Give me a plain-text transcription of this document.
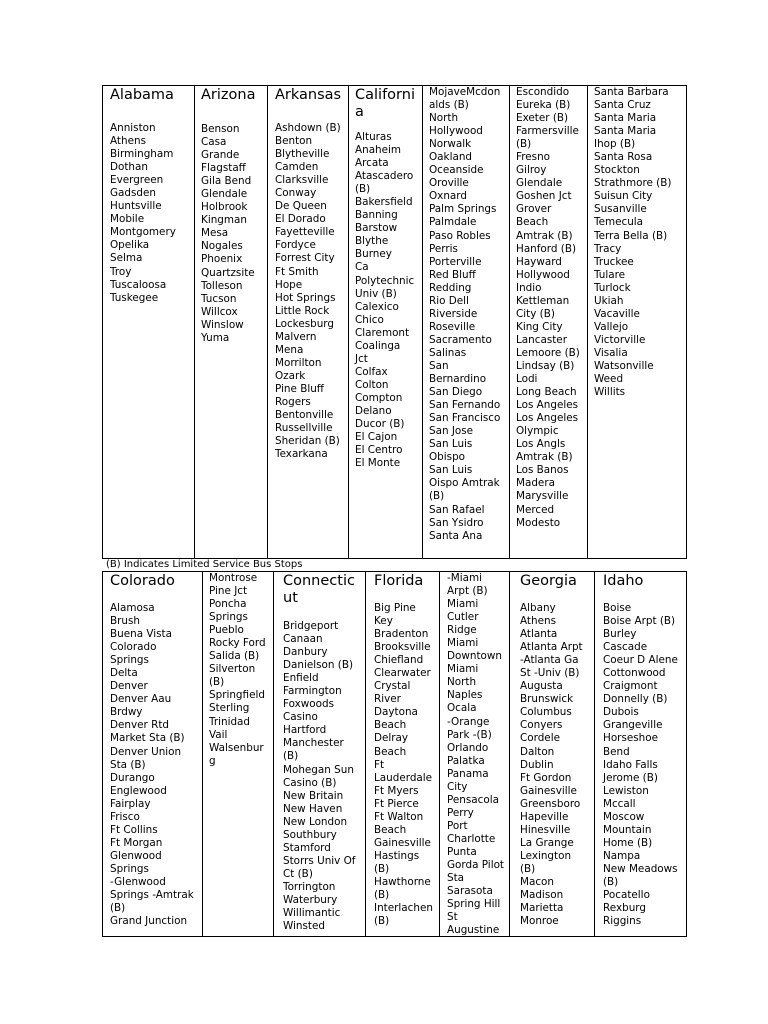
Alabama
Anniston
Athens
Birmingham
Dothan
Evergreen
Gadsden
Huntsville
Mobile
Montgomery
Opelika
Selma
Troy
Tuscaloosa
Tuskegee
Arizona
Benson
Casa
Grande
Flagstaff
Gila Bend
Glendale
Holbrook
Kingman
Mesa
Nogales
Phoenix
Quartzsite
Tolleson
Tucson
Willcox
Winslow
Yuma
Arkansas
Ashdown (B)
Benton
Blytheville
Camden
Clarksville
Conway
De Queen
El Dorado
Fayetteville
Fordyce
Forrest City
Ft Smith
Hope
Hot Springs
Little Rock
Lockesburg
Malvern
Mena
Morrilton
Ozark
Pine Bluff
Rogers
Bentonville
Russellville
Sheridan (B)
Texarkana
California
Alturas
Anaheim
Arcata
Atascadero
(B)
Bakersfield
Banning
Barstow
Blythe
Burney
Ca
Polytechnic
Univ (B)
Calexico
Chico
Claremont
Coalinga
Jct
Colfax
Colton
Compton
Delano
Ducor (B)
El Cajon
El Centro
El Monte
MojaveMcdon
alds (B)
North
Hollywood
Norwalk
Oakland
Oceanside
Oroville
Oxnard
Palm Springs
Palmdale
Paso Robles
Perris
Porterville
Red Bluff
Redding
Rio Dell
Riverside
Roseville
Sacramento
Salinas
San
Bernardino
San Diego
San Fernando
San Francisco
San Jose
San Luis
Obispo
San Luis
Oispo Amtrak
(B)
San Rafael
San Ysidro
Santa Ana
Escondido
Eureka (B)
Exeter (B)
Farmersville
(B)
Fresno
Gilroy
Glendale
Goshen Jct
Grover
Beach
Amtrak (B)
Hanford (B)
Hayward
Hollywood
Indio
Kettleman
City (B)
King City
Lancaster
Lemoore (B)
Lindsay (B)
Lodi
Long Beach
Los Angeles
Los Angeles
Olympic
Los Angls
Amtrak (B)
Los Banos
Madera
Marysville
Merced
Modesto
Santa Barbara
Santa Cruz
Santa Maria
Santa Maria
Ihop (B)
Santa Rosa
Stockton
Strathmore (B)
Suisun City
Susanville
Temecula
Terra Bella (B)
Tracy
Truckee
Tulare
Turlock
Ukiah
Vacaville
Vallejo
Victorville
Visalia
Watsonville
Weed
Willits
(B) Indicates Limited Service Bus Stops
Colorado
Alamosa
Brush
Buena Vista
Colorado
Springs
Delta
Denver
Denver Aau
Brdwy
Denver Rtd
Market Sta (B)
Denver Union
Sta (B)
Durango
Englewood
Fairplay
Frisco
Ft Collins
Ft Morgan
Glenwood
Springs
-Glenwood
Springs -Amtrak
(B)
Grand Junction
Montrose
Pine Jct
Poncha
Springs
Pueblo
Rocky Ford
Salida (B)
Silverton
(B)
Springfield
Sterling
Trinidad
Vail
Walsenbur
g
Connecticut
Bridgeport
Canaan
Danbury
Danielson (B)
Enfield
Farmington
Foxwoods
Casino
Hartford
Manchester
(B)
Mohegan Sun
Casino (B)
New Britain
New Haven
New London
Southbury
Stamford
Storrs Univ Of
Ct (B)
Torrington
Waterbury
Willimantic
Winsted
Florida
Big Pine
Key
Bradenton
Brooksville
Chiefland
Clearwater
Crystal
River
Daytona
Beach
Delray
Beach
Ft
Lauderdale
Ft Myers
Ft Pierce
Ft Walton
Beach
Gainesville
Hastings
(B)
Hawthorne
(B)
Interlachen
(B)
-Miami
Arpt (B)
Miami
Cutler
Ridge
Miami
Downtown
Miami
North
Naples
Ocala
-Orange
Park -(B)
Orlando
Palatka
Panama
City
Pensacola
Perry
Port
Charlotte
Punta
Gorda Pilot
Sta
Sarasota
Spring Hill
St
Augustine
Georgia
Albany
Athens
Atlanta
Atlanta Arpt
-Atlanta Ga
St -Univ (B)
Augusta
Brunswick
Columbus
Conyers
Cordele
Dalton
Dublin
Ft Gordon
Gainesville
Greensboro
Hapeville
Hinesville
La Grange
Lexington
(B)
Macon
Madison
Marietta
Monroe
Idaho
Boise
Boise Arpt (B)
Burley
Cascade
Coeur D Alene
Cottonwood
Craigmont
Donnelly (B)
Dubois
Grangeville
Horseshoe
Bend
Idaho Falls
Jerome (B)
Lewiston
Mccall
Moscow
Mountain
Home (B)
Nampa
New Meadows
(B)
Pocatello
Rexburg
Riggins
